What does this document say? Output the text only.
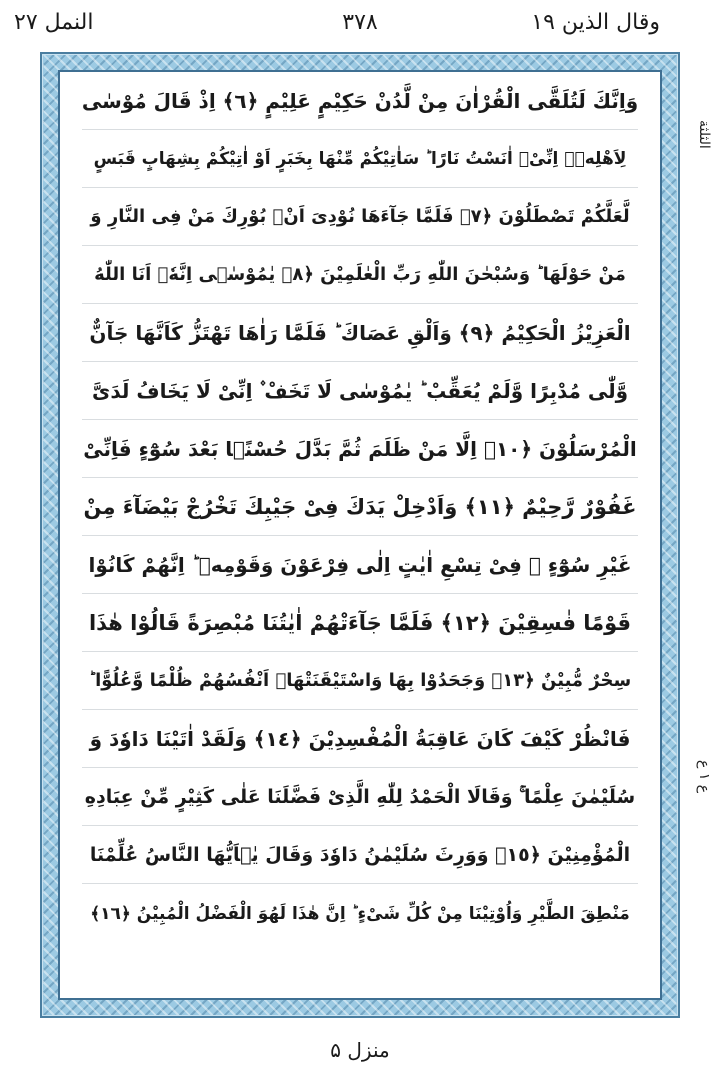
وقال الذین ۱۹
۳۷۸
النمل ۲۷
وَاِنَّكَ لَتُلَقَّى الْقُرْاٰنَ مِنْ لَّدُنْ حَكِیْمٍ عَلِیْمٍ ﴿٦﴾ اِذْ قَالَ مُوْسٰى
لِاَهْلِهٖۤ اِنِّیْۤ اٰنَسْتُ نَارًا ؕ سَاٰتِیْكُمْ مِّنْهَا بِخَبَرٍ اَوْ اٰتِیْكُمْ بِشِهَابٍ قَبَسٍ
لَّعَلَّكُمْ تَصْطَلُوْنَ ﴿٧﴾ فَلَمَّا جَآءَهَا نُوْدِیَ اَنْۢ بُوْرِكَ مَنْ فِی النَّارِ وَ
مَنْ حَوْلَهَا ؕ وَسُبْحٰنَ اللّٰهِ رَبِّ الْعٰلَمِیْنَ ﴿٨﴾ یٰمُوْسٰۤى اِنَّهٗۤ اَنَا اللّٰهُ
الْعَزِیْزُ الْحَكِیْمُ ﴿٩﴾ وَاَلْقِ عَصَاكَ ؕ فَلَمَّا رَاٰهَا تَهْتَزُّ كَاَنَّهَا جَآنٌّ
وَّلّٰى مُدْبِرًا وَّلَمْ یُعَقِّبْ ؕ یٰمُوْسٰى لَا تَخَفْ ۫ اِنِّیْ لَا یَخَافُ لَدَیَّ
الْمُرْسَلُوْنَ ﴿١٠﴾ اِلَّا مَنْ ظَلَمَ ثُمَّ بَدَّلَ حُسْنًۢا بَعْدَ سُوْٓءٍ فَاِنِّیْ
غَفُوْرٌ رَّحِیْمٌ ﴿١١﴾ وَاَدْخِلْ یَدَكَ فِیْ جَیْبِكَ تَخْرُجْ بَیْضَآءَ مِنْ
غَیْرِ سُوْٓءٍ ۫ فِیْ تِسْعِ اٰیٰتٍ اِلٰى فِرْعَوْنَ وَقَوْمِهٖ ؕ اِنَّهُمْ كَانُوْا
قَوْمًا فٰسِقِیْنَ ﴿١٢﴾ فَلَمَّا جَآءَتْهُمْ اٰیٰتُنَا مُبْصِرَةً قَالُوْا هٰذَا
سِحْرٌ مُّبِیْنٌ ﴿١٣﴾ وَجَحَدُوْا بِهَا وَاسْتَیْقَنَتْهَاۤ اَنْفُسُهُمْ ظُلْمًا وَّعُلُوًّا ؕ
فَانْظُرْ كَیْفَ كَانَ عَاقِبَةُ الْمُفْسِدِیْنَ ﴿١٤﴾ وَلَقَدْ اٰتَیْنَا دَاوٗدَ وَ
سُلَیْمٰنَ عِلْمًا ۚ وَقَالَا الْحَمْدُ لِلّٰهِ الَّذِیْ فَضَّلَنَا عَلٰى كَثِیْرٍ مِّنْ عِبَادِهِ
الْمُؤْمِنِیْنَ ﴿١٥﴾ وَوَرِثَ سُلَیْمٰنُ دَاوٗدَ وَقَالَ یٰۤاَیُّهَا النَّاسُ عُلِّمْنَا
مَنْطِقَ الطَّیْرِ وَاُوْتِیْنَا مِنْ كُلِّ شَیْءٍ ؕ اِنَّ هٰذَا لَهُوَ الْفَضْلُ الْمُبِیْنُ ﴿١٦﴾
الثلثة
ع ۱ ع
منزل ۵
